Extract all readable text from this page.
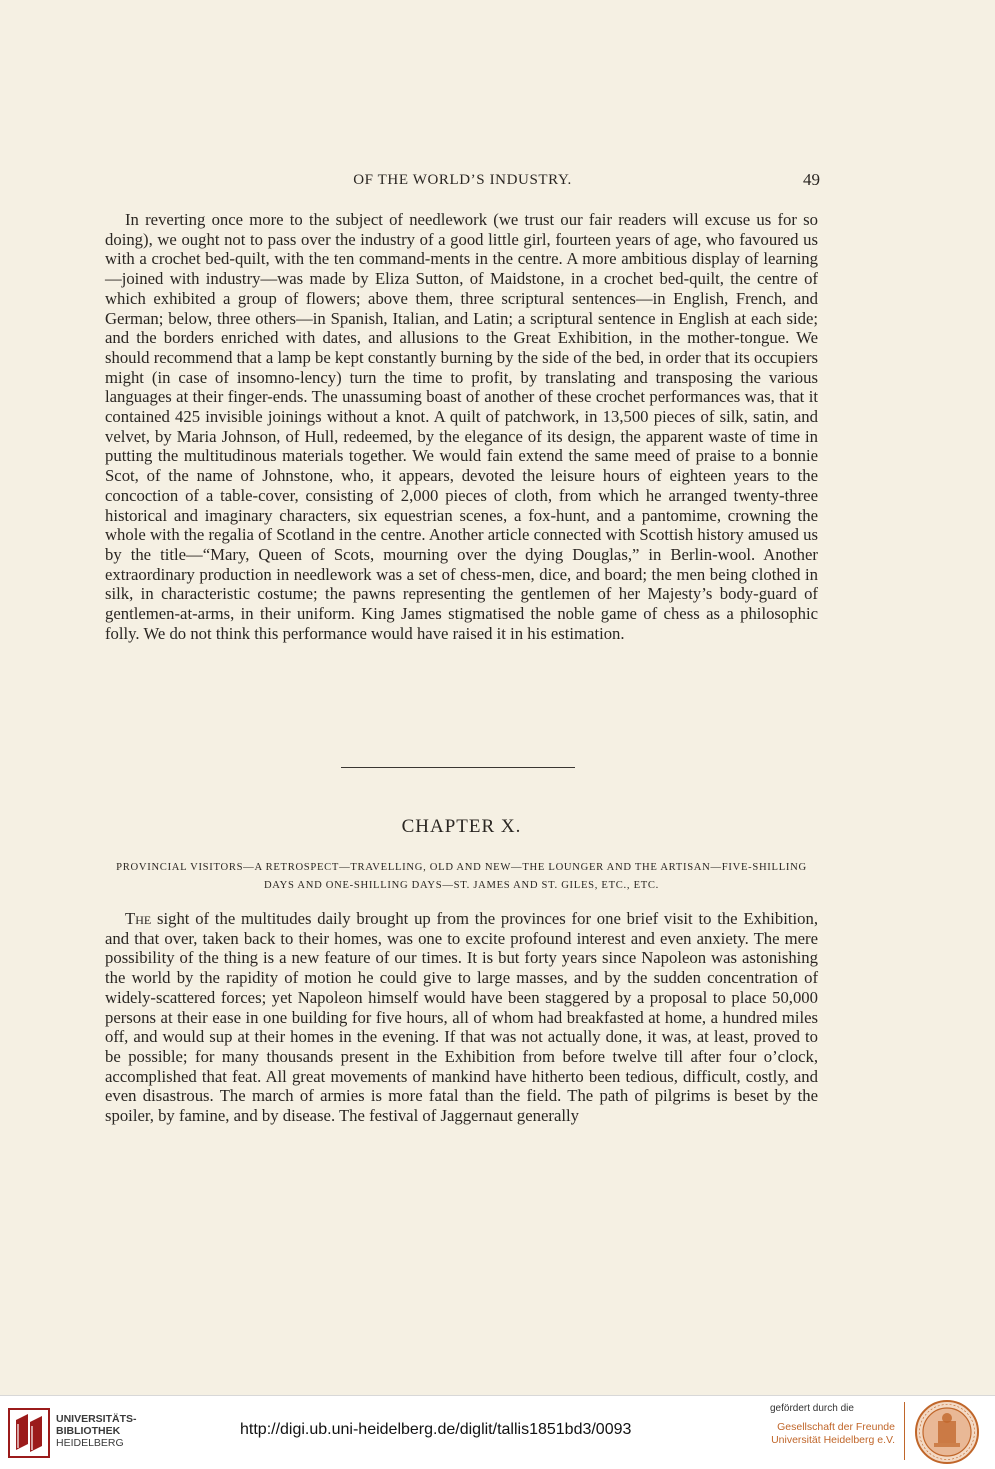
OF THE WORLD’S INDUSTRY.	49

In reverting once more to the subject of needlework (we trust our fair readers will excuse us for so doing), we ought not to pass over the industry of a good little girl, fourteen years of age, who favoured us with a crochet bed-quilt, with the ten command-ments in the centre. A more ambitious display of learning—joined with industry—was made by Eliza Sutton, of Maidstone, in a crochet bed-quilt, the centre of which exhibited a group of flowers; above them, three scriptural sentences—in English, French, and German; below, three others—in Spanish, Italian, and Latin; a scriptural sentence in English at each side; and the borders enriched with dates, and allusions to the Great Exhibition, in the mother-tongue. We should recommend that a lamp be kept constantly burning by the side of the bed, in order that its occupiers might (in case of insomno-lency) turn the time to profit, by translating and transposing the various languages at their finger-ends. The unassuming boast of another of these crochet performances was, that it contained 425 invisible joinings without a knot. A quilt of patchwork, in 13,500 pieces of silk, satin, and velvet, by Maria Johnson, of Hull, redeemed, by the elegance of its design, the apparent waste of time in putting the multitudinous materials together. We would fain extend the same meed of praise to a bonnie Scot, of the name of Johnstone, who, it appears, devoted the leisure hours of eighteen years to the concoction of a table-cover, consisting of 2,000 pieces of cloth, from which he arranged twenty-three historical and imaginary characters, six equestrian scenes, a fox-hunt, and a pantomime, crowning the whole with the regalia of Scotland in the centre. Another article connected with Scottish history amused us by the title—“Mary, Queen of Scots, mourning over the dying Douglas,” in Berlin-wool. Another extraordinary production in needlework was a set of chess-men, dice, and board; the men being clothed in silk, in characteristic costume; the pawns representing the gentlemen of her Majesty’s body-guard of gentlemen-at-arms, in their uniform. King James stigmatised the noble game of chess as a philosophic folly. We do not think this performance would have raised it in his estimation.

CHAPTER X.
PROVINCIAL VISITORS—A RETROSPECT—TRAVELLING, OLD AND NEW—THE LOUNGER AND THE ARTISAN—FIVE-SHILLING DAYS AND ONE-SHILLING DAYS—ST. JAMES AND ST. GILES, ETC., ETC.

The sight of the multitudes daily brought up from the provinces for one brief visit to the Exhibition, and that over, taken back to their homes, was one to excite profound interest and even anxiety. The mere possibility of the thing is a new feature of our times. It is but forty years since Napoleon was astonishing the world by the rapidity of motion he could give to large masses, and by the sudden concentration of widely-scattered forces; yet Napoleon himself would have been staggered by a proposal to place 50,000 persons at their ease in one building for five hours, all of whom had breakfasted at home, a hundred miles off, and would sup at their homes in the evening. If that was not actually done, it was, at least, proved to be possible; for many thousands present in the Exhibition from before twelve till after four o’clock, accomplished that feat. All great movements of mankind have hitherto been tedious, difficult, costly, and even disastrous. The march of armies is more fatal than the field. The path of pilgrims is beset by the spoiler, by famine, and by disease. The festival of Jaggernaut generally

UNIVERSITÄTS-
BIBLIOTHEK
HEIDELBERG
http://digi.ub.uni-heidelberg.de/diglit/tallis1851bd3/0093
gefördert durch die
Gesellschaft der Freunde
Universität Heidelberg e.V.
